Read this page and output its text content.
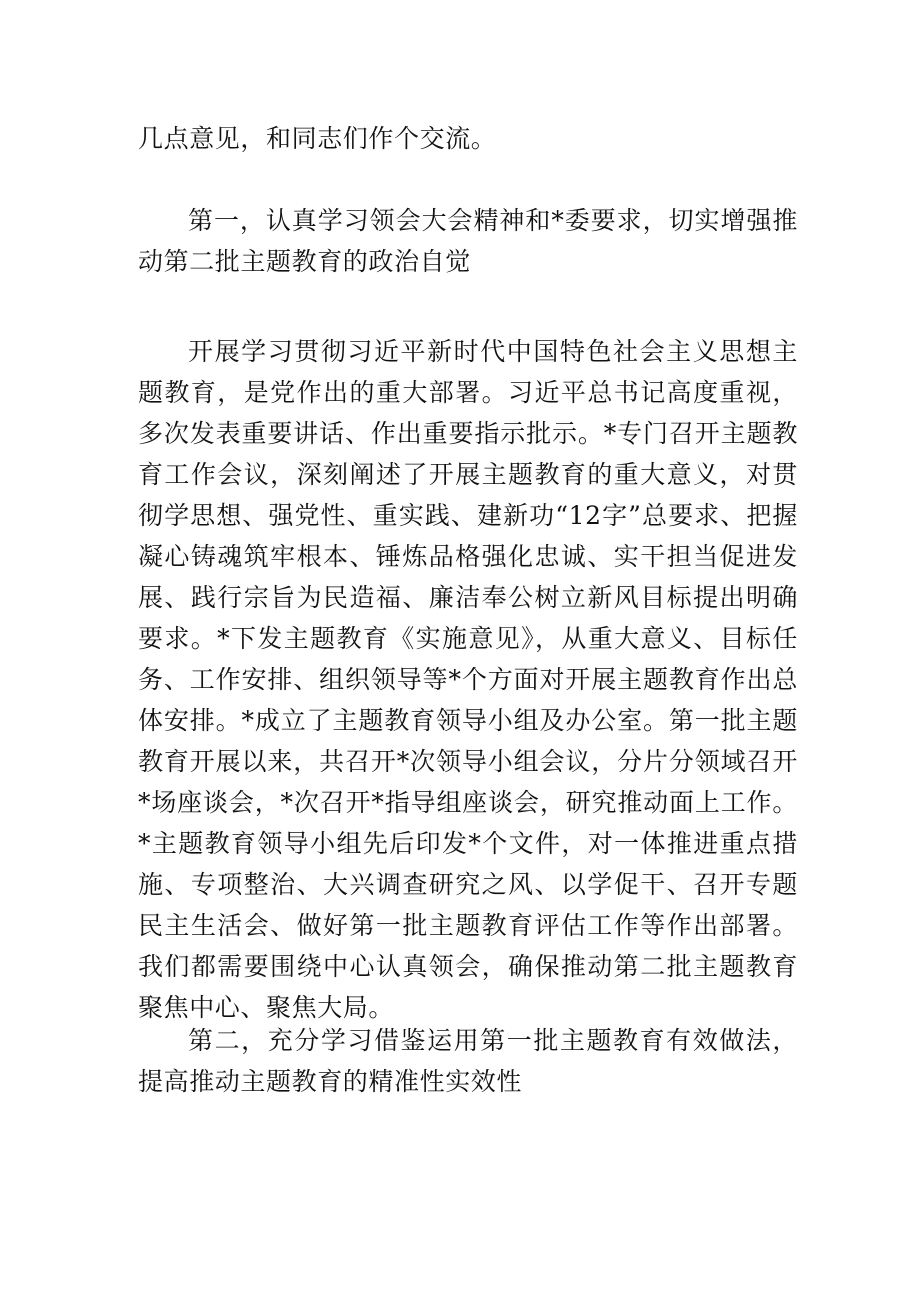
几点意见，和同志们作个交流。

第一，认真学习领会大会精神和*委要求，切实增强推动第二批主题教育的政治自觉

开展学习贯彻习近平新时代中国特色社会主义思想主题教育，是党作出的重大部署。习近平总书记高度重视，多次发表重要讲话、作出重要指示批示。*专门召开主题教育工作会议，深刻阐述了开展主题教育的重大意义，对贯彻学思想、强党性、重实践、建新功“12字”总要求、把握凝心铸魂筑牢根本、锤炼品格强化忠诚、实干担当促进发展、践行宗旨为民造福、廉洁奉公树立新风目标提出明确要求。*下发主题教育《实施意见》，从重大意义、目标任务、工作安排、组织领导等*个方面对开展主题教育作出总体安排。*成立了主题教育领导小组及办公室。第一批主题教育开展以来，共召开*次领导小组会议，分片分领域召开*场座谈会，*次召开*指导组座谈会，研究推动面上工作。*主题教育领导小组先后印发*个文件，对一体推进重点措施、专项整治、大兴调查研究之风、以学促干、召开专题民主生活会、做好第一批主题教育评估工作等作出部署。我们都需要围绕中心认真领会，确保推动第二批主题教育聚焦中心、聚焦大局。

第二，充分学习借鉴运用第一批主题教育有效做法，提高推动主题教育的精准性实效性
